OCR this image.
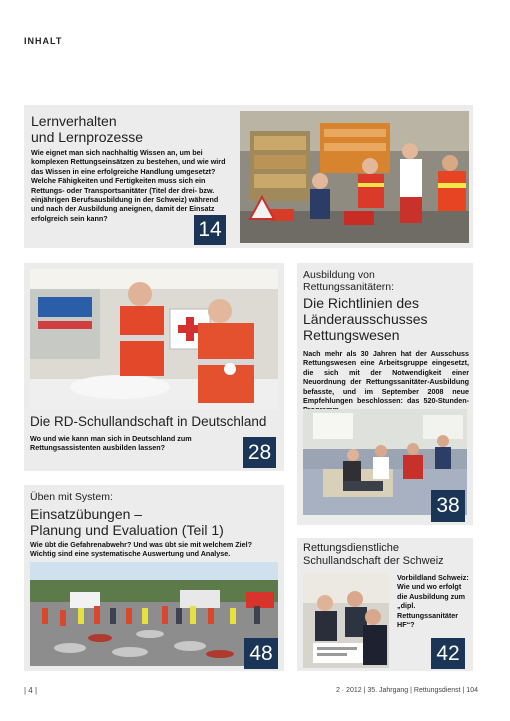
INHALT
Lernverhalten
und Lernprozesse
Wie eignet man sich nachhaltig Wissen an, um bei komplexen Rettungseinsätzen zu bestehen, und wie wird das Wissen in eine erfolgreiche Handlung umgesetzt? Welche Fähigkeiten und Fertigkeiten muss sich ein Rettungs- oder Transportsanitäter (Titel der drei- bzw. einjährigen Berufsausbildung in der Schweiz) während und nach der Ausbildung aneignen, damit der Einsatz erfolgreich sein kann?	14
Die RD-Schullandschaft in Deutschland
Wo und wie kann man sich in Deutschland zum Rettungsassistenten ausbilden lassen?	28
Ausbildung von
Rettungssanitätern:
Die Richtlinien des
Länderausschusses
Rettungswesen
Nach mehr als 30 Jahren hat der Ausschuss Rettungswesen eine Arbeitsgruppe eingesetzt, die sich mit der Notwendigkeit einer Neuordnung der Rettungssanitäter-Ausbildung befasste, und im September 2008 neue Empfehlungen beschlossen: das 520-Stunden-
38
Üben mit System:
Einsatzübungen –
Planung und Evaluation (Teil 1)
Wie übt die Gefahrenabwehr? Und was übt sie mit welchem Ziel? Wichtig sind eine systematische Auswertung und Analyse.
48
Rettungsdienstliche
Schullandschaft der Schweiz
Vorbildland Schweiz: Wie und wo erfolgt die Ausbildung zum „dipl. Rettungssanitäter HF“?
42
| 4 |	2 · 2012 | 35. Jahrgang | Rettungsdienst | 104
